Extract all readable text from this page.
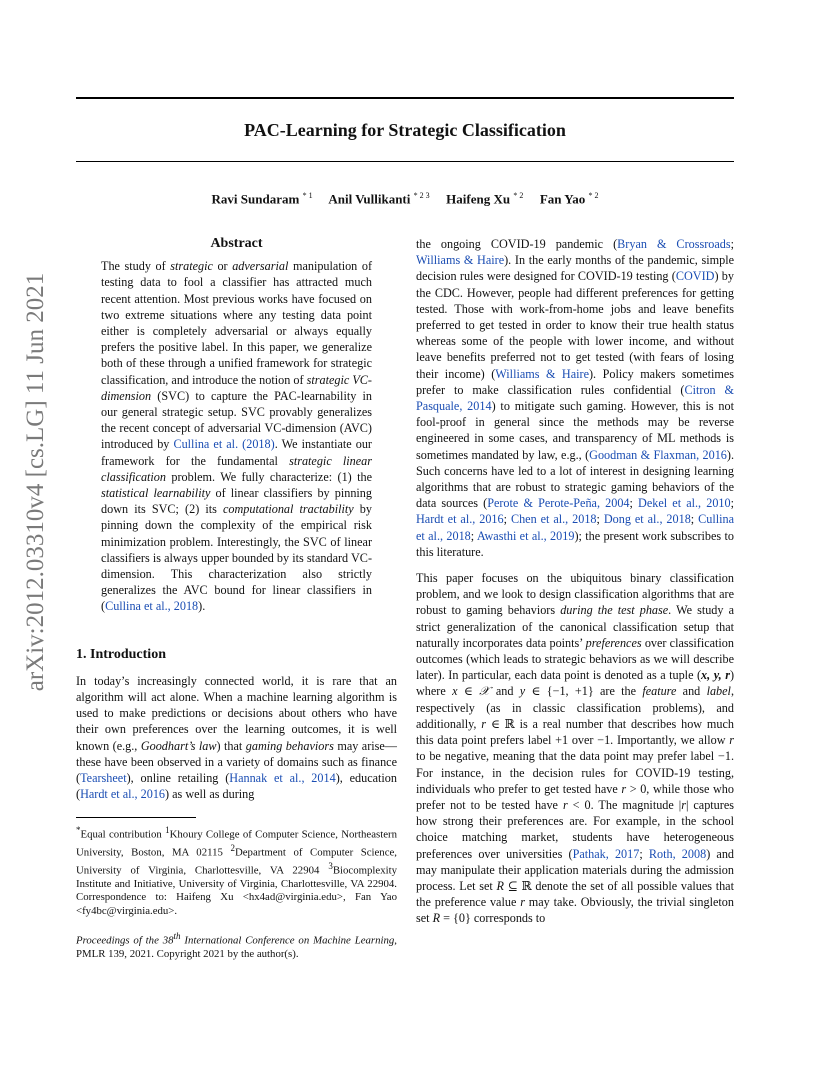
PAC-Learning for Strategic Classification
Ravi Sundaram $^{* 1}$ Anil Vullikanti $^{* 2 3}$ Haifeng Xu $^{* 2}$ Fan Yao $^{* 2}$
arXiv:2012.03310v4 [cs.LG] 11 Jun 2021
Abstract

The study of strategic or adversarial manipulation of testing data to fool a classifier has attracted much recent attention. Most previous works have focused on two extreme situations where any testing data point either is completely adversarial or always equally prefers the positive label. In this paper, we generalize both of these through a unified framework for strategic classification, and introduce the notion of strategic VC-dimension (SVC) to capture the PAC-learnability in our general strategic setup. SVC provably generalizes the recent concept of adversarial VC-dimension (AVC) introduced by Cullina et al. (2018). We instantiate our framework for the fundamental strategic linear classification problem. We fully characterize: (1) the statistical learnability of linear classifiers by pinning down its SVC; (2) its computational tractability by pinning down the complexity of the empirical risk minimization problem. Interestingly, the SVC of linear classifiers is always upper bounded by its standard VC-dimension. This characterization also strictly generalizes the AVC bound for linear classifiers in (Cullina et al., 2018).

1. Introduction

In today’s increasingly connected world, it is rare that an algorithm will act alone. When a machine learning algorithm is used to make predictions or decisions about others who have their own preferences over the learning outcomes, it is well known (e.g., Goodhart’s law) that gaming behaviors may arise—these have been observed in a variety of domains such as finance (Tearsheet), online retailing (Hannak et al., 2014), education (Hardt et al., 2016) as well as during

*Equal contribution $^1$Khoury College of Computer Science, Northeastern University, Boston, MA 02115 $^2$Department of Computer Science, University of Virginia, Charlottesville, VA 22904 $^3$Biocomplexity Institute and Initiative, University of Virginia, Charlottesville, VA 22904. Correspondence to: Haifeng Xu <hx4ad@virginia.edu>, Fan Yao <fy4bc@virginia.edu>.

Proceedings of the 38th International Conference on Machine Learning, PMLR 139, 2021. Copyright 2021 by the author(s).

the ongoing COVID-19 pandemic (Bryan & Crossroads; Williams & Haire). In the early months of the pandemic, simple decision rules were designed for COVID-19 testing (COVID) by the CDC. However, people had different preferences for getting tested. Those with work-from-home jobs and leave benefits preferred to get tested in order to know their true health status whereas some of the people with lower income, and without leave benefits preferred not to get tested (with fears of losing their income) (Williams & Haire). Policy makers sometimes prefer to make classification rules confidential (Citron & Pasquale, 2014) to mitigate such gaming. However, this is not fool-proof in general since the methods may be reverse engineered in some cases, and transparency of ML methods is sometimes mandated by law, e.g., (Goodman & Flaxman, 2016). Such concerns have led to a lot of interest in designing learning algorithms that are robust to strategic gaming behaviors of the data sources (Perote & Perote-Peña, 2004; Dekel et al., 2010; Hardt et al., 2016; Chen et al., 2018; Dong et al., 2018; Cullina et al., 2018; Awasthi et al., 2019); the present work subscribes to this literature.

This paper focuses on the ubiquitous binary classification problem, and we look to design classification algorithms that are robust to gaming behaviors during the test phase. We study a strict generalization of the canonical classification setup that naturally incorporates data points’ preferences over classification outcomes (which leads to strategic behaviors as we will describe later). In particular, each data point is denoted as a tuple (x, y, r) where x ∈ 𝒳 and y ∈ {−1, +1} are the feature and label, respectively (as in classic classification problems), and additionally, r ∈ ℝ is a real number that describes how much this data point prefers label +1 over −1. Importantly, we allow r to be negative, meaning that the data point may prefer label −1. For instance, in the decision rules for COVID-19 testing, individuals who prefer to get tested have r > 0, while those who prefer not to be tested have r < 0. The magnitude |r| captures how strong their preferences are. For example, in the school choice matching market, students have heterogeneous preferences over universities (Pathak, 2017; Roth, 2008) and may manipulate their application materials during the admission process. Let set R ⊆ ℝ denote the set of all possible values that the preference value r may take. Obviously, the trivial singleton set R = {0} corresponds to
